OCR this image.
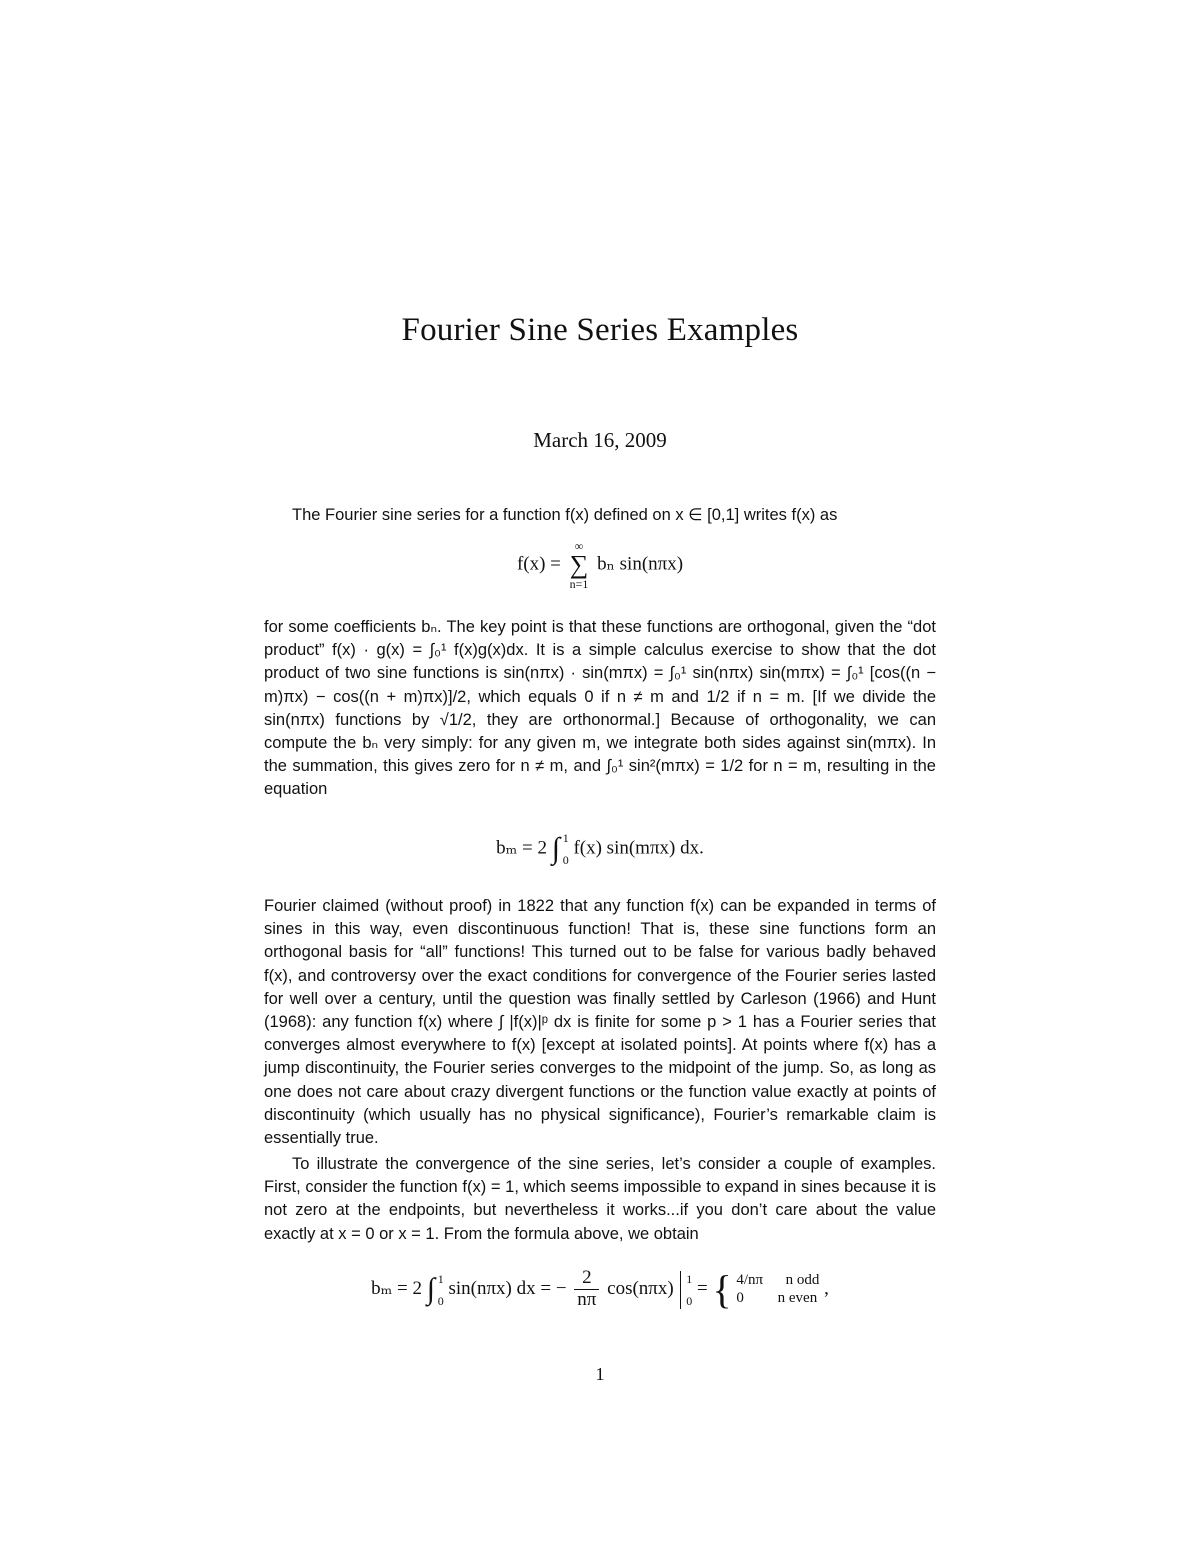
Fourier Sine Series Examples
March 16, 2009
The Fourier sine series for a function f(x) defined on x ∈ [0,1] writes f(x) as
f(x) =
∞
∑
n=1
bₙ sin(nπx)
for some coefficients bₙ. The key point is that these functions are orthogonal, given the “dot product” f(x) · g(x) = ∫₀¹ f(x)g(x)dx. It is a simple calculus exercise to show that the dot product of two sine functions is sin(nπx) · sin(mπx) = ∫₀¹ sin(nπx) sin(mπx) = ∫₀¹ [cos((n − m)πx) − cos((n + m)πx)]/2, which equals 0 if n ≠ m and 1/2 if n = m. [If we divide the sin(nπx) functions by √1/2, they are orthonormal.] Because of orthogonality, we can compute the bₙ very simply: for any given m, we integrate both sides against sin(mπx). In the summation, this gives zero for n ≠ m, and ∫₀¹ sin²(mπx) = 1/2 for n = m, resulting in the equation
bₘ = 2 ∫ 1
0
f(x) sin(mπx) dx.
Fourier claimed (without proof) in 1822 that any function f(x) can be expanded in terms of sines in this way, even discontinuous function! That is, these sine functions form an orthogonal basis for “all” functions! This turned out to be false for various badly behaved f(x), and controversy over the exact conditions for convergence of the Fourier series lasted for well over a century, until the question was finally settled by Carleson (1966) and Hunt (1968): any function f(x) where ∫ |f(x)|ᵖ dx is finite for some p > 1 has a Fourier series that converges almost everywhere to f(x) [except at isolated points]. At points where f(x) has a jump discontinuity, the Fourier series converges to the midpoint of the jump. So, as long as one does not care about crazy divergent functions or the function value exactly at points of discontinuity (which usually has no physical significance), Fourier’s remarkable claim is essentially true.
To illustrate the convergence of the sine series, let’s consider a couple of examples. First, consider the function f(x) = 1, which seems impossible to expand in sines because it is not zero at the endpoints, but nevertheless it works...if you don’t care about the value exactly at x = 0 or x = 1. From the formula above, we obtain
bₘ = 2 ∫ 1
0
sin(nπx) dx = − $\frac{2}{n\pi} \cos(n\pi x)$ 1
0
= { 4/nπ n odd
0 n even ,
1
